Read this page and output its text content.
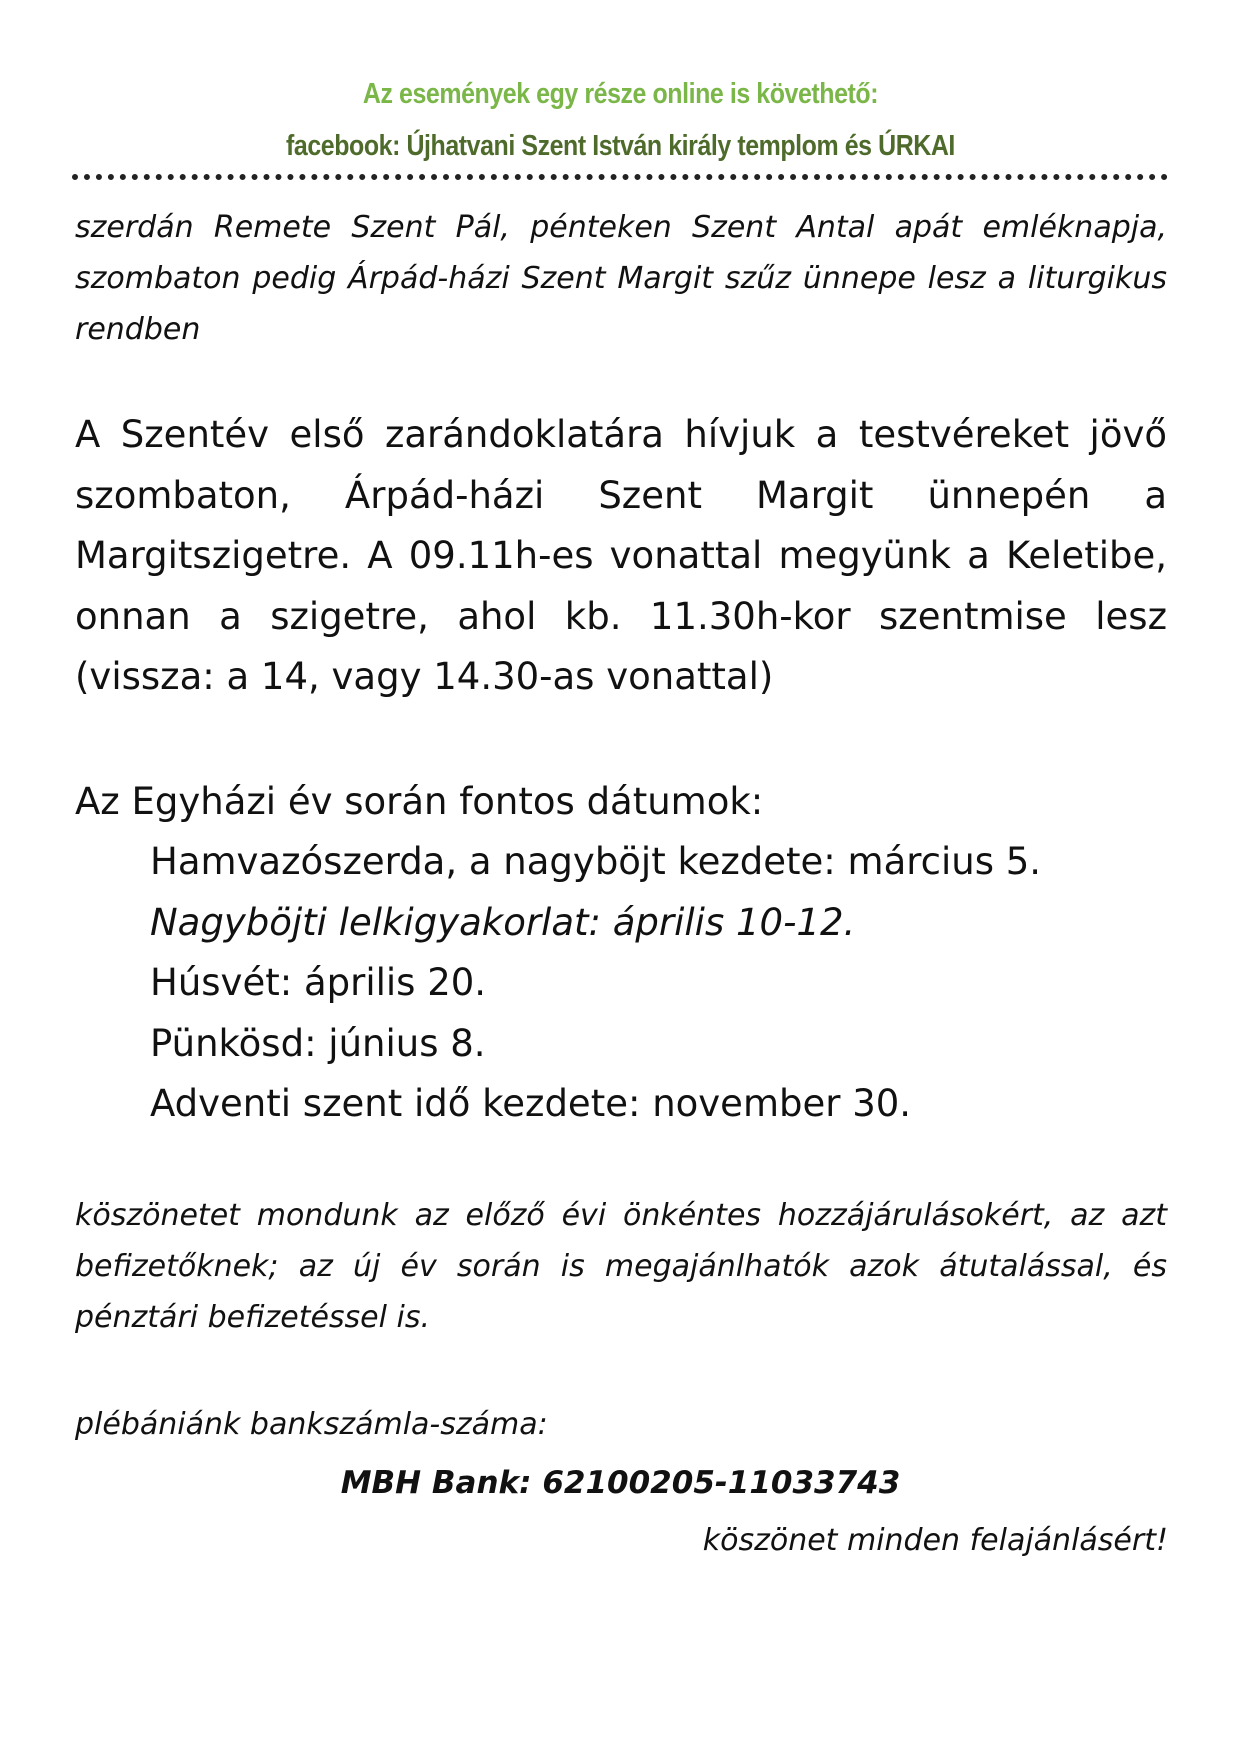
Az események egy része online is követhető:
facebook: Újhatvani Szent István király templom és ÚRKAI

szerdán Remete Szent Pál, pénteken Szent Antal apát emléknapja, szombaton pedig Árpád-házi Szent Margit szűz ünnepe lesz a liturgikus rendben

A Szentév első zarándoklatára hívjuk a testvéreket jövő szombaton, Árpád-házi Szent Margit ünnepén a Margitszigetre. A 09.11h-es vonattal megyünk a Keletibe, onnan a szigetre, ahol kb. 11.30h-kor szentmise lesz (vissza: a 14, vagy 14.30-as vonattal)

Az Egyházi év során fontos dátumok:

Hamvazószerda, a nagyböjt kezdete: március 5.
Nagyböjti lelkigyakorlat: április 10-12.
Húsvét: április 20.
Pünkösd: június 8.
Adventi szent idő kezdete: november 30.

köszönetet mondunk az előző évi önkéntes hozzájárulásokért, az azt befizetőknek; az új év során is megajánlhatók azok átutalással, és pénztári befizetéssel is.

plébániánk bankszámla-száma:

MBH Bank: 62100205-11033743

köszönet minden felajánlásért!
